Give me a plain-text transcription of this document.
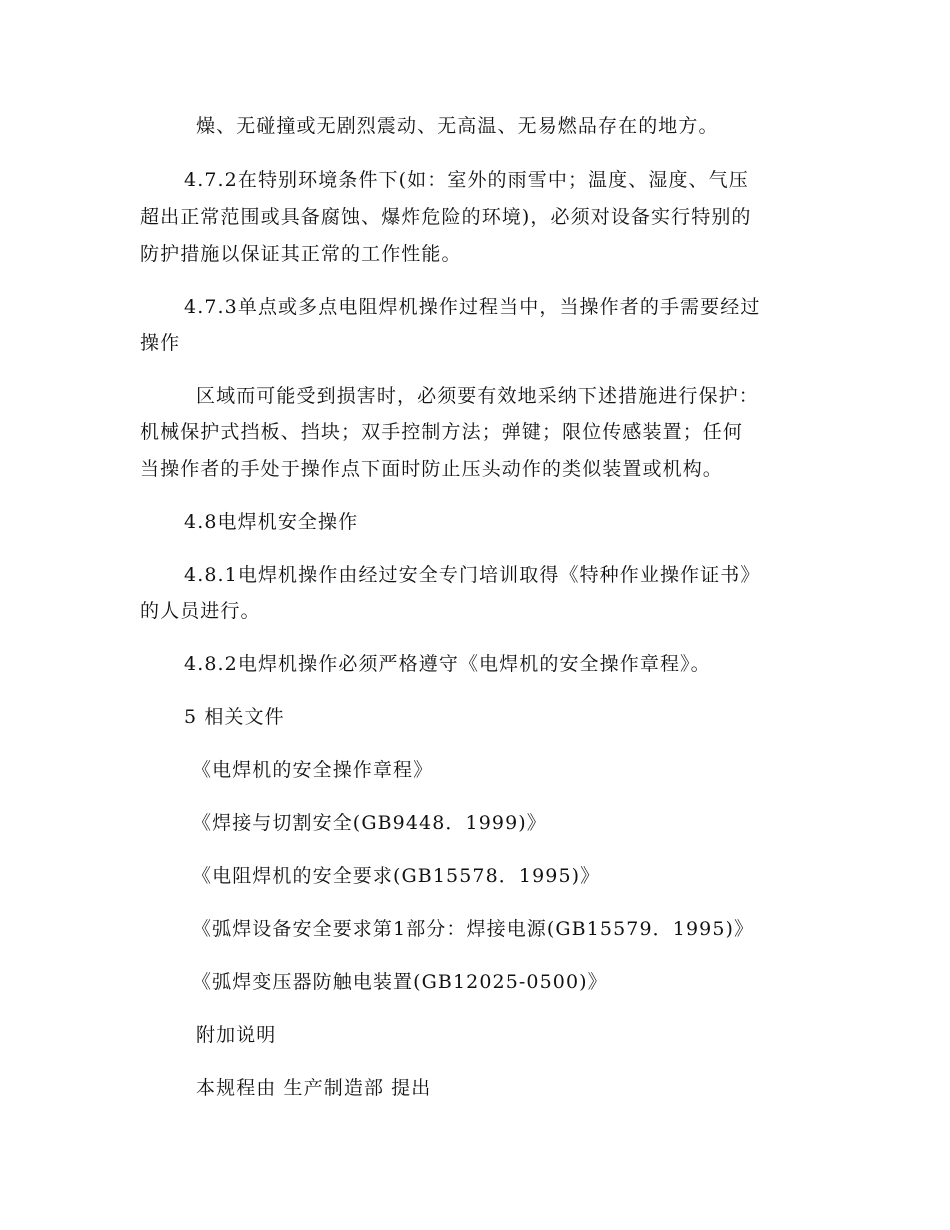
燥、无碰撞或无剧烈震动、无高温、无易燃品存在的地方。
4.7.2在特别环境条件下(如：室外的雨雪中；温度、湿度、气压
超出正常范围或具备腐蚀、爆炸危险的环境)，必须对设备实行特别的
防护措施以保证其正常的工作性能。
4.7.3单点或多点电阻焊机操作过程当中，当操作者的手需要经过
操作
区域而可能受到损害时，必须要有效地采纳下述措施进行保护：
机械保护式挡板、挡块；双手控制方法；弹键；限位传感装置；任何
当操作者的手处于操作点下面时防止压头动作的类似装置或机构。
4.8电焊机安全操作
4.8.1电焊机操作由经过安全专门培训取得《特种作业操作证书》
的人员进行。
4.8.2电焊机操作必须严格遵守《电焊机的安全操作章程》。
5 相关文件
《电焊机的安全操作章程》
《焊接与切割安全(GB9448．1999)》
《电阻焊机的安全要求(GB15578．1995)》
《弧焊设备安全要求第1部分：焊接电源(GB15579．1995)》
《弧焊变压器防触电装置(GB12025-0500)》
附加说明
本规程由 生产制造部 提出
